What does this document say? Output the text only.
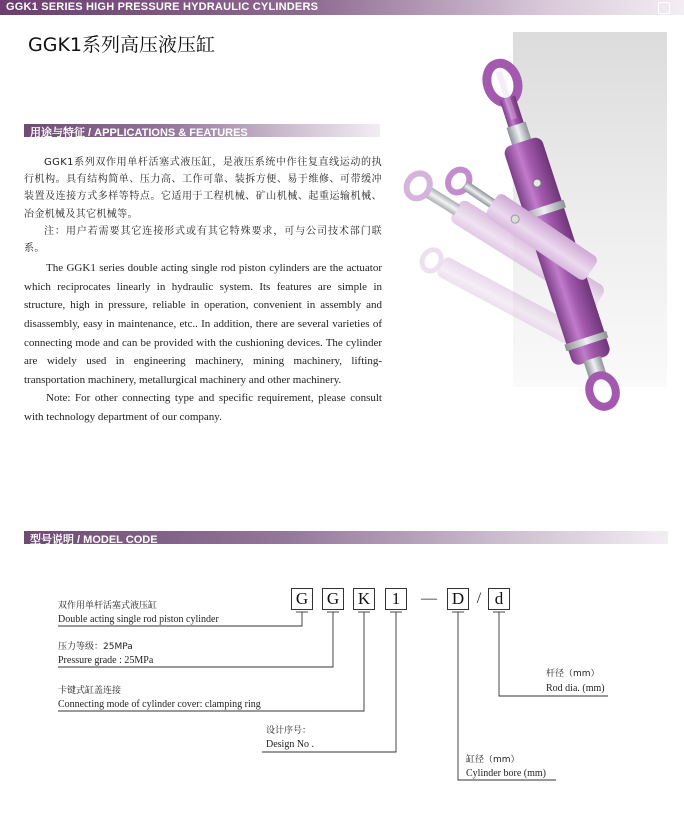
GGK1 SERIES HIGH PRESSURE HYDRAULIC CYLINDERS	◦
GGK1系列高压液压缸
用途与特征 / APPLICATIONS & FEATURES

GGK1系列双作用单杆活塞式液压缸，是液压系统中作往复直线运动的执行机构。具有结构简单、压力高、工作可靠、装拆方便、易于维修、可带缓冲装置及连接方式多样等特点。它适用于工程机械、矿山机械、起重运输机械、冶金机械及其它机械等。

注：用户若需要其它连接形式或有其它特殊要求，可与公司技术部门联系。

The GGK1 series double acting single rod piston cylinders are the actuator which reciprocates linearly in hydraulic system. Its features are simple in structure, high in pressure, reliable in operation, convenient in assembly and disassembly, easy in maintenance, etc.. In addition, there are several varieties of connecting mode and can be provided with the cushioning devices. The cylinder are widely used in engineering machinery, mining machinery, lifting-transportation machinery, metallurgical machinery and other machinery.

Note: For other connecting type and specific requirement, please consult with technology department of our company.

型号说明 / MODEL CODE
G G K	1	— D / d
双作用单杆活塞式液压缸
Double acting single rod piston cylinder
压力等级：25MPa
Pressure grade : 25MPa
卡键式缸盖连接
Connecting mode of cylinder cover: clamping ring
设计序号：
Design No .
缸径（mm）
Cylinder bore (mm)
杆径（mm）
Rod dia. (mm)
